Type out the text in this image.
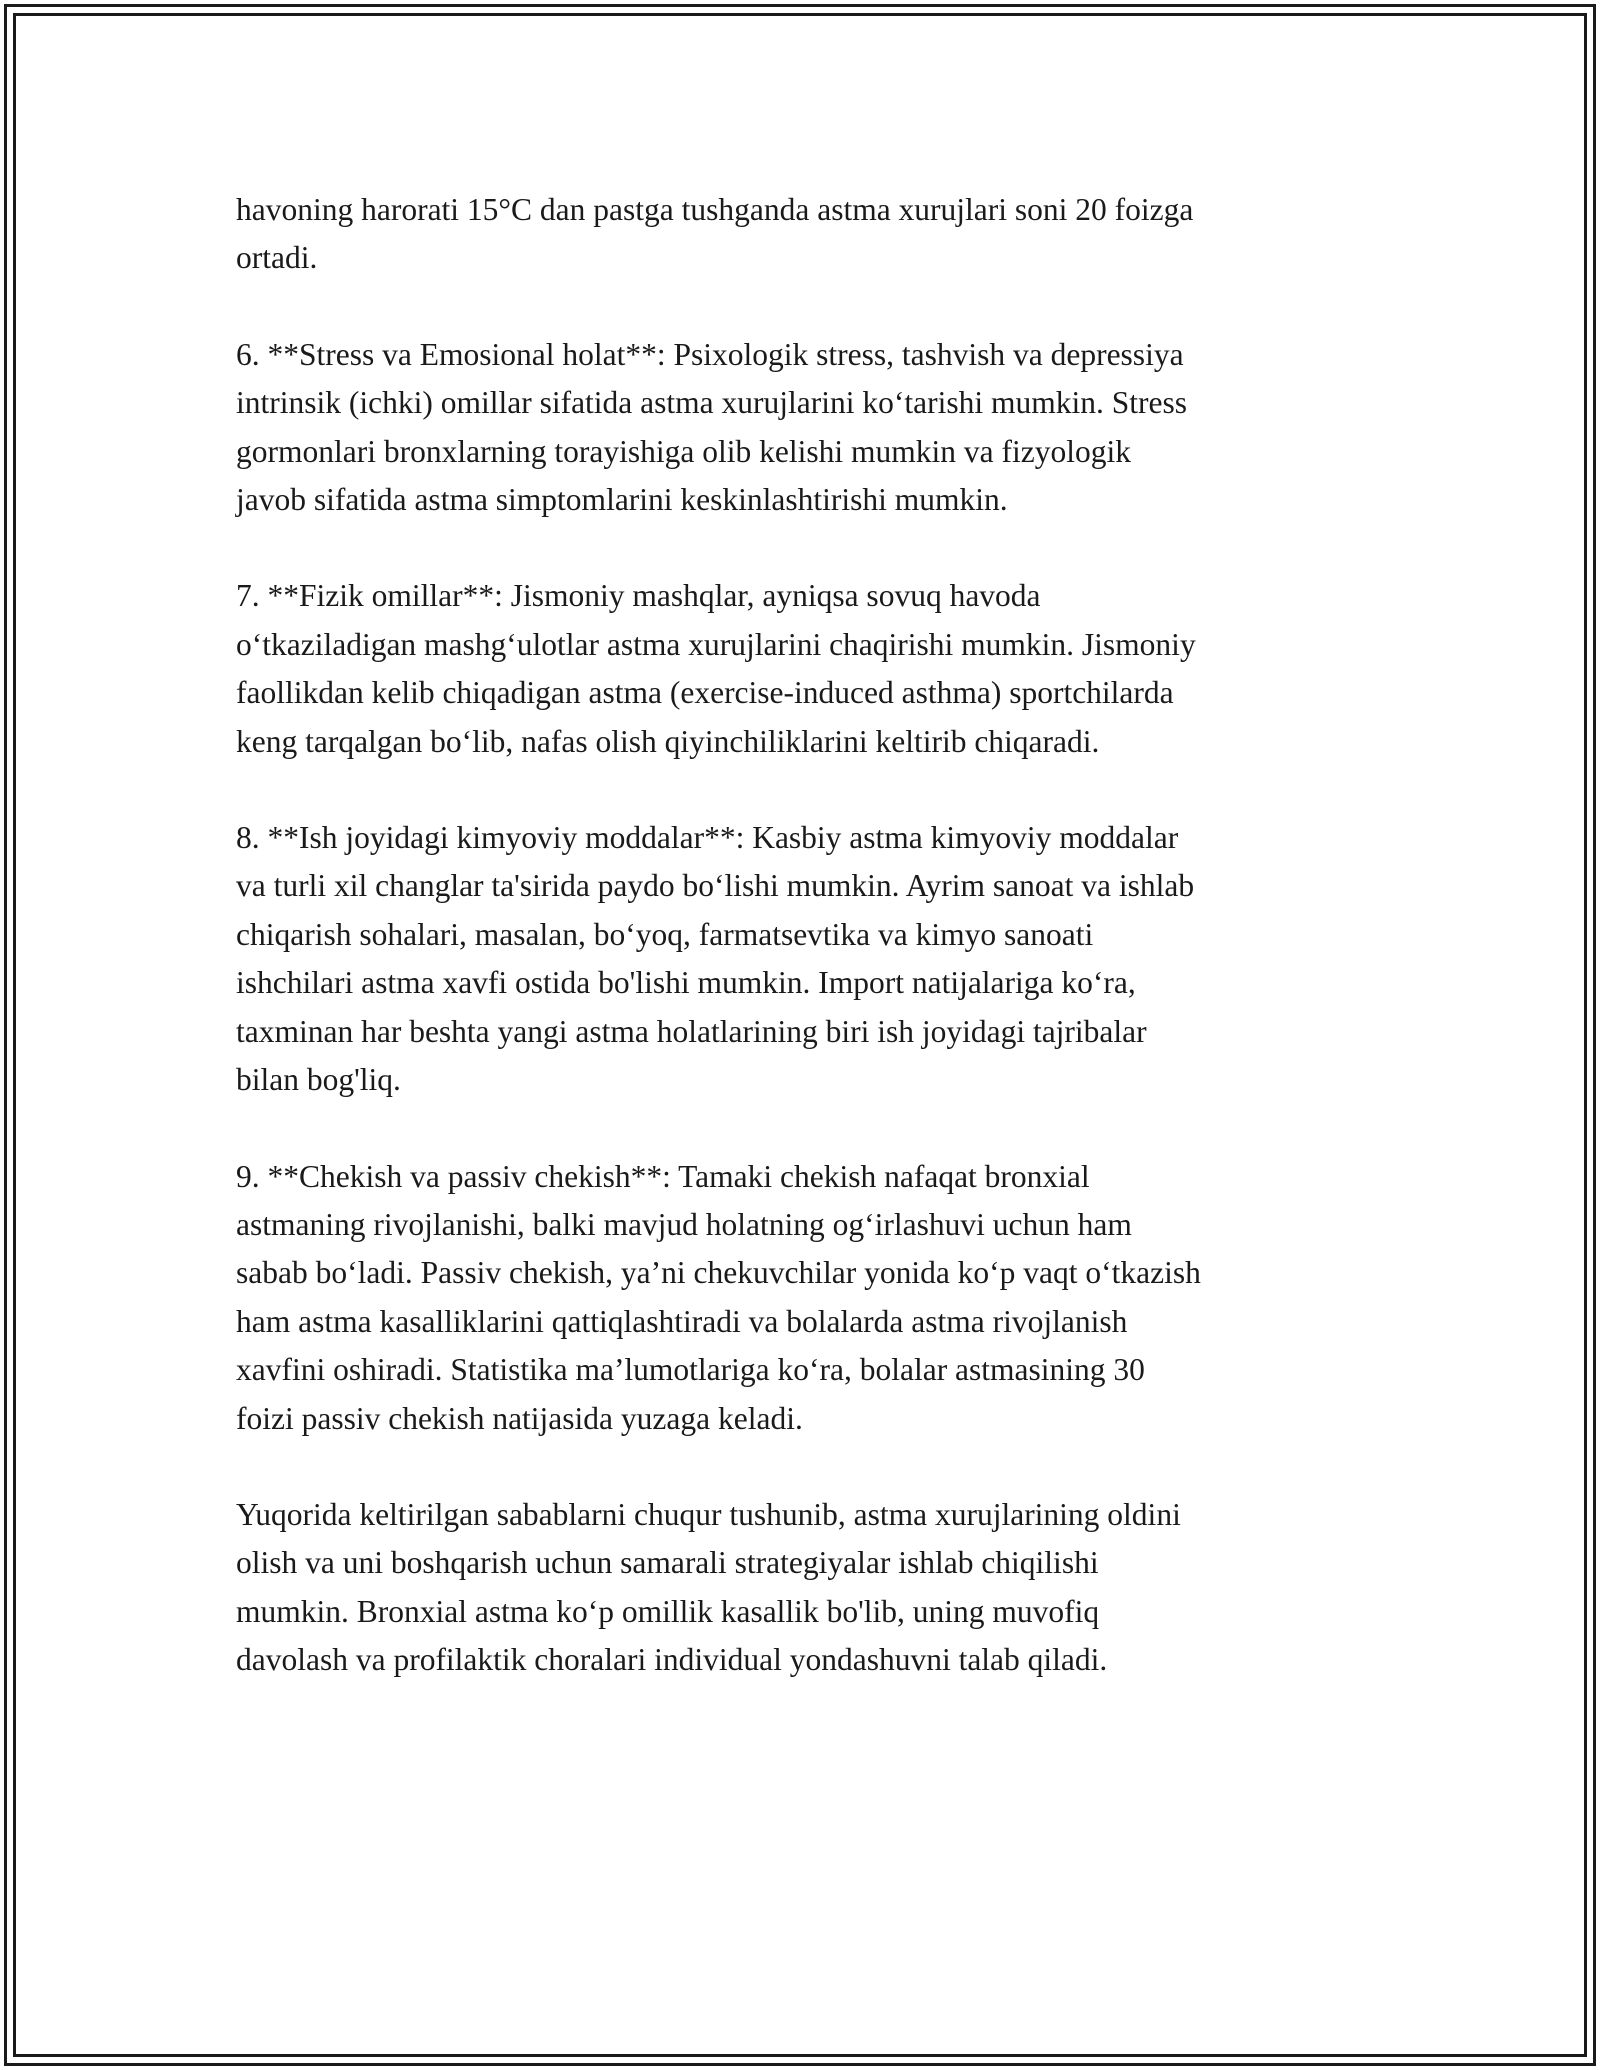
havoning harorati 15°C dan pastga tushganda astma xurujlari soni 20 foizga
ortadi.

6. **Stress va Emosional holat**: Psixologik stress, tashvish va depressiya
intrinsik (ichki) omillar sifatida astma xurujlarini koʻtarishi mumkin. Stress
gormonlari bronxlarning torayishiga olib kelishi mumkin va fizyologik
javob sifatida astma simptomlarini keskinlashtirishi mumkin.

7. **Fizik omillar**: Jismoniy mashqlar, ayniqsa sovuq havoda
oʻtkaziladigan mashgʻulotlar astma xurujlarini chaqirishi mumkin. Jismoniy
faollikdan kelib chiqadigan astma (exercise-induced asthma) sportchilarda
keng tarqalgan boʻlib, nafas olish qiyinchiliklarini keltirib chiqaradi.

8. **Ish joyidagi kimyoviy moddalar**: Kasbiy astma kimyoviy moddalar
va turli xil changlar ta'sirida paydo boʻlishi mumkin. Ayrim sanoat va ishlab
chiqarish sohalari, masalan, boʻyoq, farmatsevtika va kimyo sanoati
ishchilari astma xavfi ostida bo'lishi mumkin. Import natijalariga koʻra,
taxminan har beshta yangi astma holatlarining biri ish joyidagi tajribalar
bilan bog'liq.

9. **Chekish va passiv chekish**: Tamaki chekish nafaqat bronxial
astmaning rivojlanishi, balki mavjud holatning ogʻirlashuvi uchun ham
sabab boʻladi. Passiv chekish, ya’ni chekuvchilar yonida koʻp vaqt oʻtkazish
ham astma kasalliklarini qattiqlashtiradi va bolalarda astma rivojlanish
xavfini oshiradi. Statistika ma’lumotlariga koʻra, bolalar astmasining 30
foizi passiv chekish natijasida yuzaga keladi.

Yuqorida keltirilgan sabablarni chuqur tushunib, astma xurujlarining oldini
olish va uni boshqarish uchun samarali strategiyalar ishlab chiqilishi
mumkin. Bronxial astma koʻp omillik kasallik bo'lib, uning muvofiq
davolash va profilaktik choralari individual yondashuvni talab qiladi.
